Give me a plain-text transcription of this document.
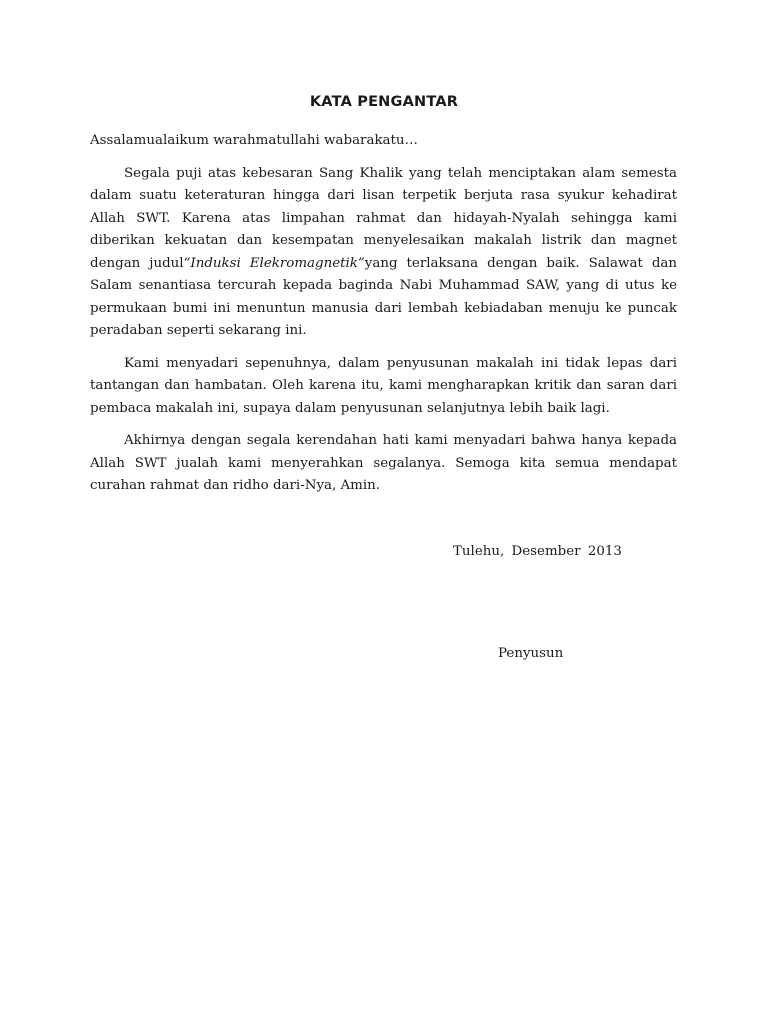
KATA PENGANTAR

Assalamualaikum warahmatullahi wabarakatu…

Segala puji atas kebesaran Sang Khalik yang telah menciptakan alam semesta dalam suatu keteraturan hingga dari lisan terpetik berjuta rasa syukur kehadirat Allah SWT. Karena atas limpahan rahmat dan hidayah-Nyalah sehingga kami diberikan kekuatan dan kesempatan menyelesaikan makalah listrik dan magnet dengan judul“Induksi Elekromagnetik”yang terlaksana dengan baik. Salawat dan Salam senantiasa tercurah kepada baginda Nabi Muhammad SAW, yang di utus ke permukaan bumi ini menuntun manusia dari lembah kebiadaban menuju ke puncak peradaban seperti sekarang ini.

Kami menyadari sepenuhnya, dalam penyusunan makalah ini tidak lepas dari tantangan dan hambatan. Oleh karena itu, kami mengharapkan kritik dan saran dari pembaca makalah ini, supaya dalam penyusunan selanjutnya lebih baik lagi.

Akhirnya dengan segala kerendahan hati kami menyadari bahwa hanya kepada Allah SWT jualah kami menyerahkan segalanya. Semoga kita semua mendapat curahan rahmat dan ridho dari-Nya, Amin.

Tulehu, Desember 2013
Penyusun
